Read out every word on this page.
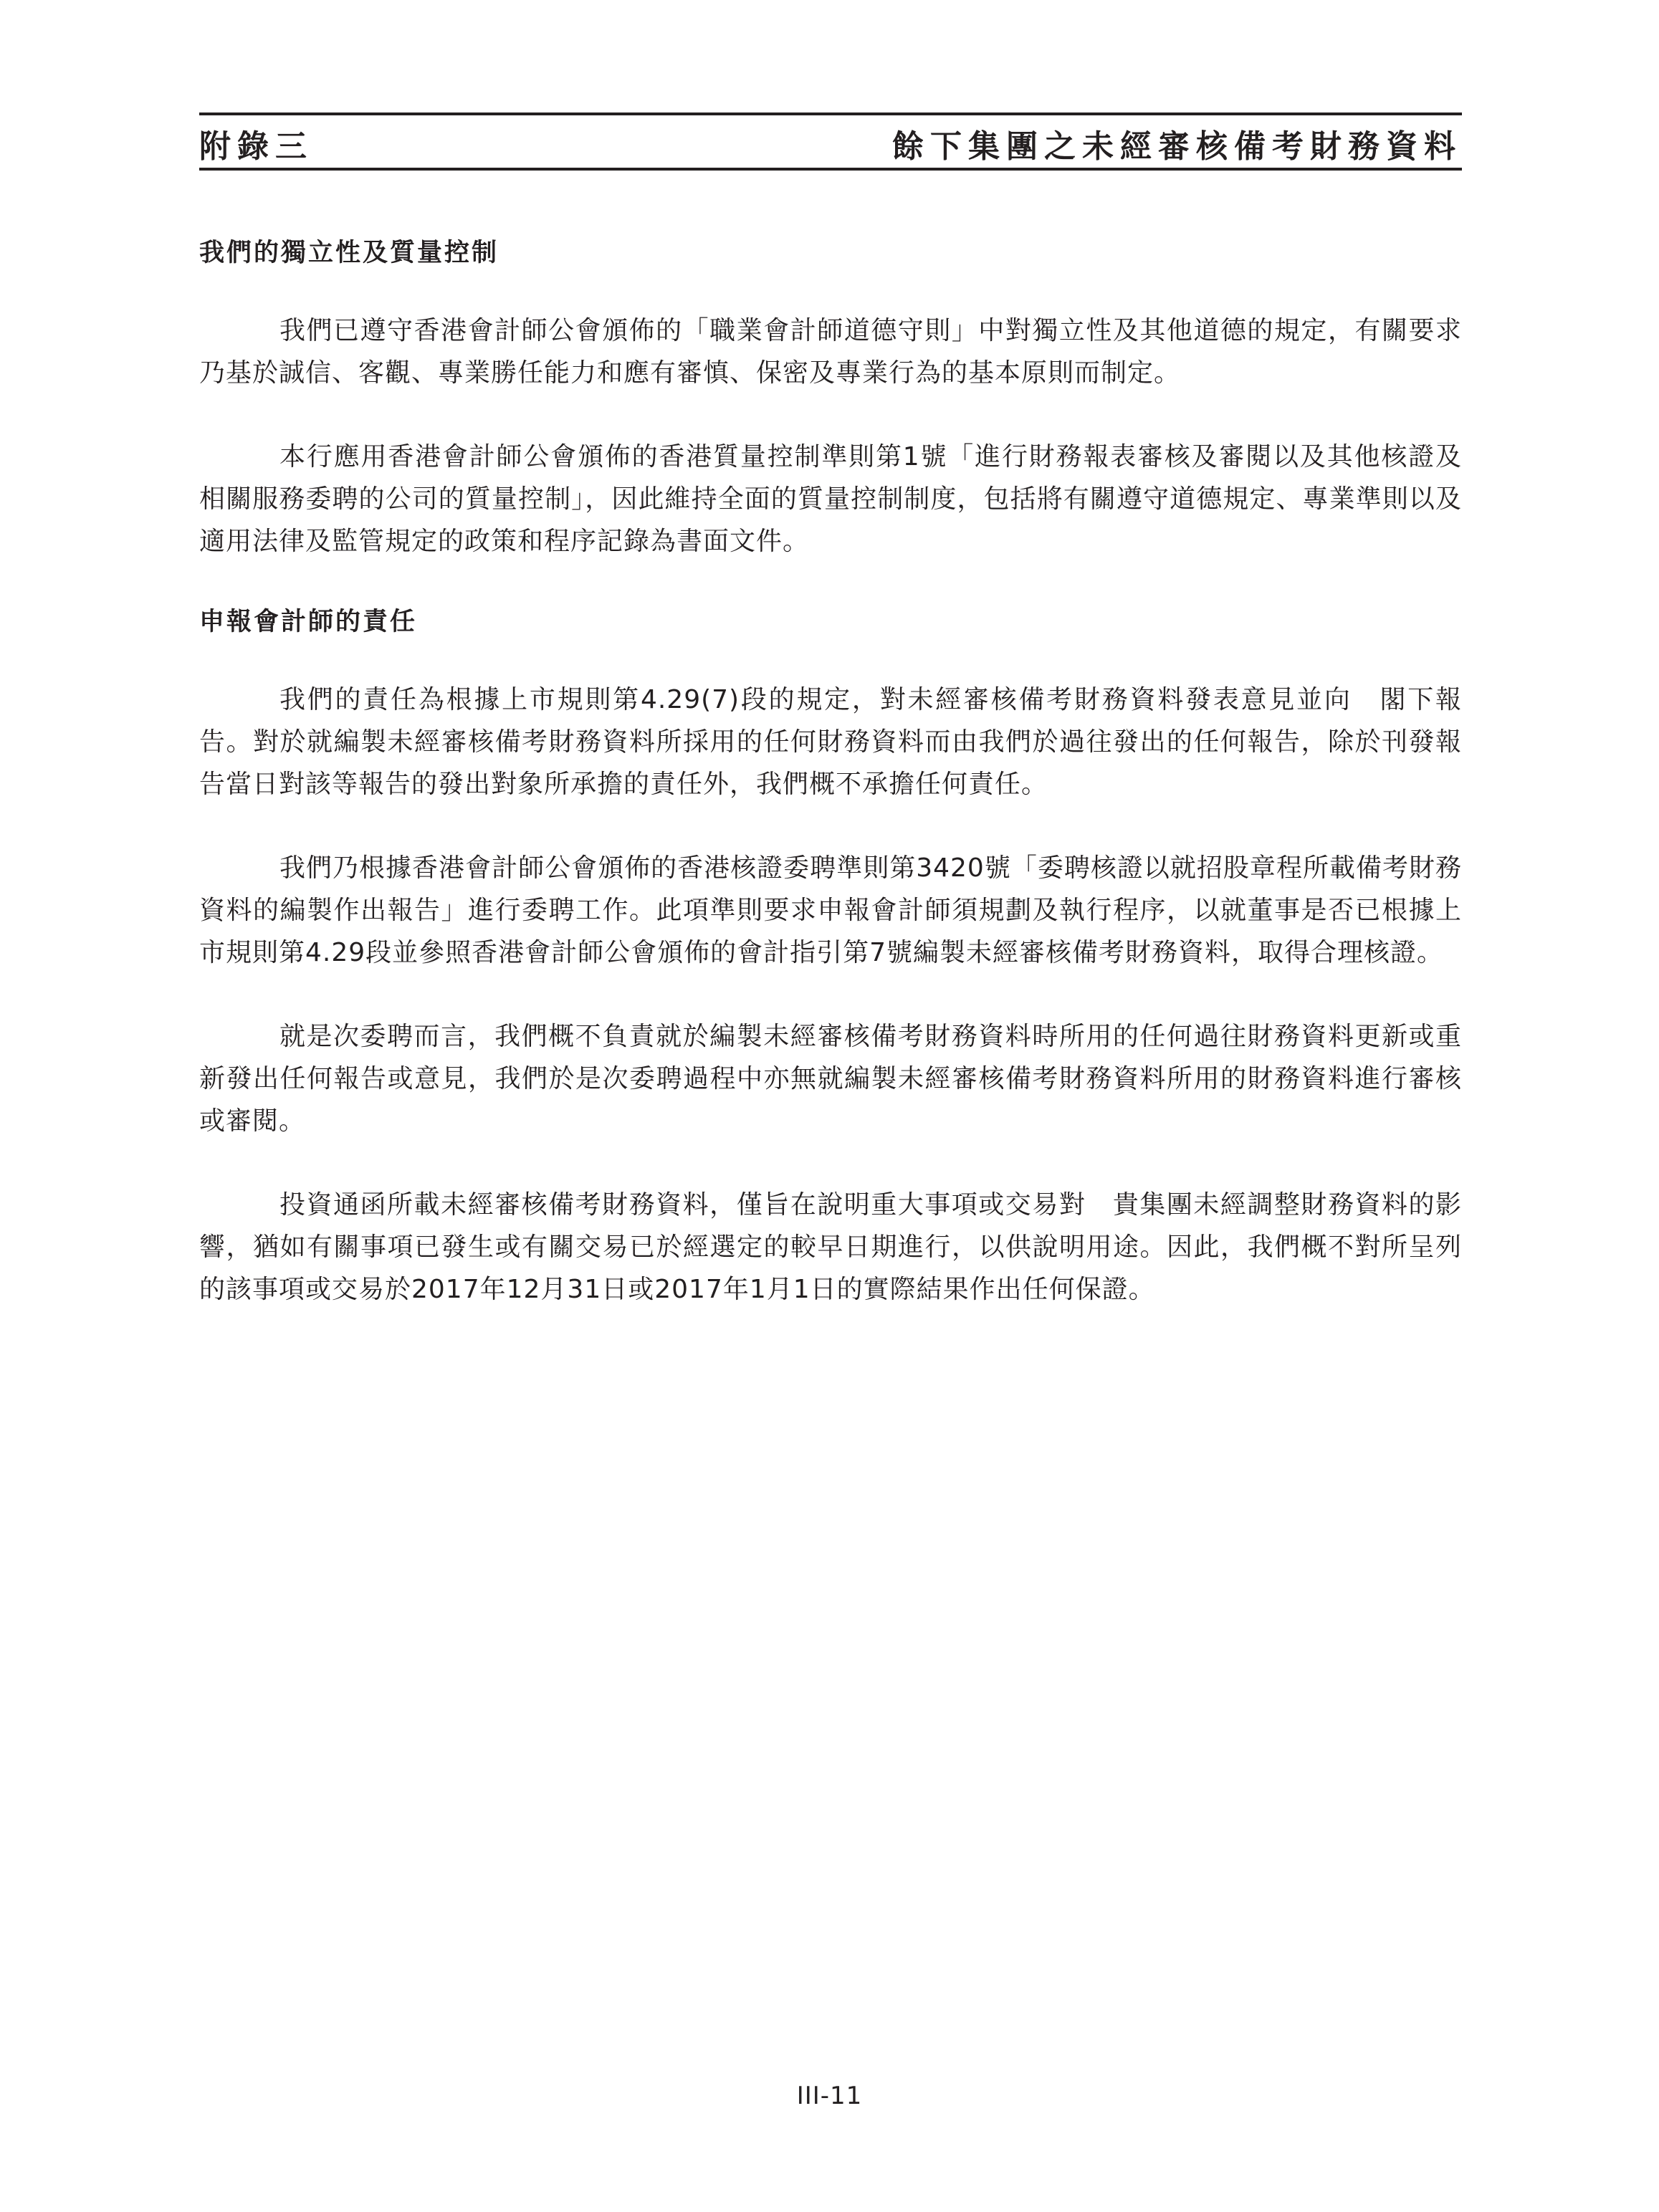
附錄三	餘下集團之未經審核備考財務資料
我們的獨立性及質量控制

我們已遵守香港會計師公會頒佈的「職業會計師道德守則」中對獨立性及其他道德的規定，有關要求乃基於誠信、客觀、專業勝任能力和應有審慎、保密及專業行為的基本原則而制定。

本行應用香港會計師公會頒佈的香港質量控制準則第1號「進行財務報表審核及審閱以及其他核證及相關服務委聘的公司的質量控制」，因此維持全面的質量控制制度，包括將有關遵守道德規定、專業準則以及適用法律及監管規定的政策和程序記錄為書面文件。

申報會計師的責任

我們的責任為根據上市規則第4.29(7)段的規定，對未經審核備考財務資料發表意見並向　閣下報告。對於就編製未經審核備考財務資料所採用的任何財務資料而由我們於過往發出的任何報告，除於刊發報告當日對該等報告的發出對象所承擔的責任外，我們概不承擔任何責任。

我們乃根據香港會計師公會頒佈的香港核證委聘準則第3420號「委聘核證以就招股章程所載備考財務資料的編製作出報告」進行委聘工作。此項準則要求申報會計師須規劃及執行程序，以就董事是否已根據上市規則第4.29段並參照香港會計師公會頒佈的會計指引第7號編製未經審核備考財務資料，取得合理核證。

就是次委聘而言，我們概不負責就於編製未經審核備考財務資料時所用的任何過往財務資料更新或重新發出任何報告或意見，我們於是次委聘過程中亦無就編製未經審核備考財務資料所用的財務資料進行審核或審閱。

投資通函所載未經審核備考財務資料，僅旨在說明重大事項或交易對　貴集團未經調整財務資料的影響，猶如有關事項已發生或有關交易已於經選定的較早日期進行，以供說明用途。因此，我們概不對所呈列的該事項或交易於2017年12月31日或2017年1月1日的實際結果作出任何保證。

III-11
